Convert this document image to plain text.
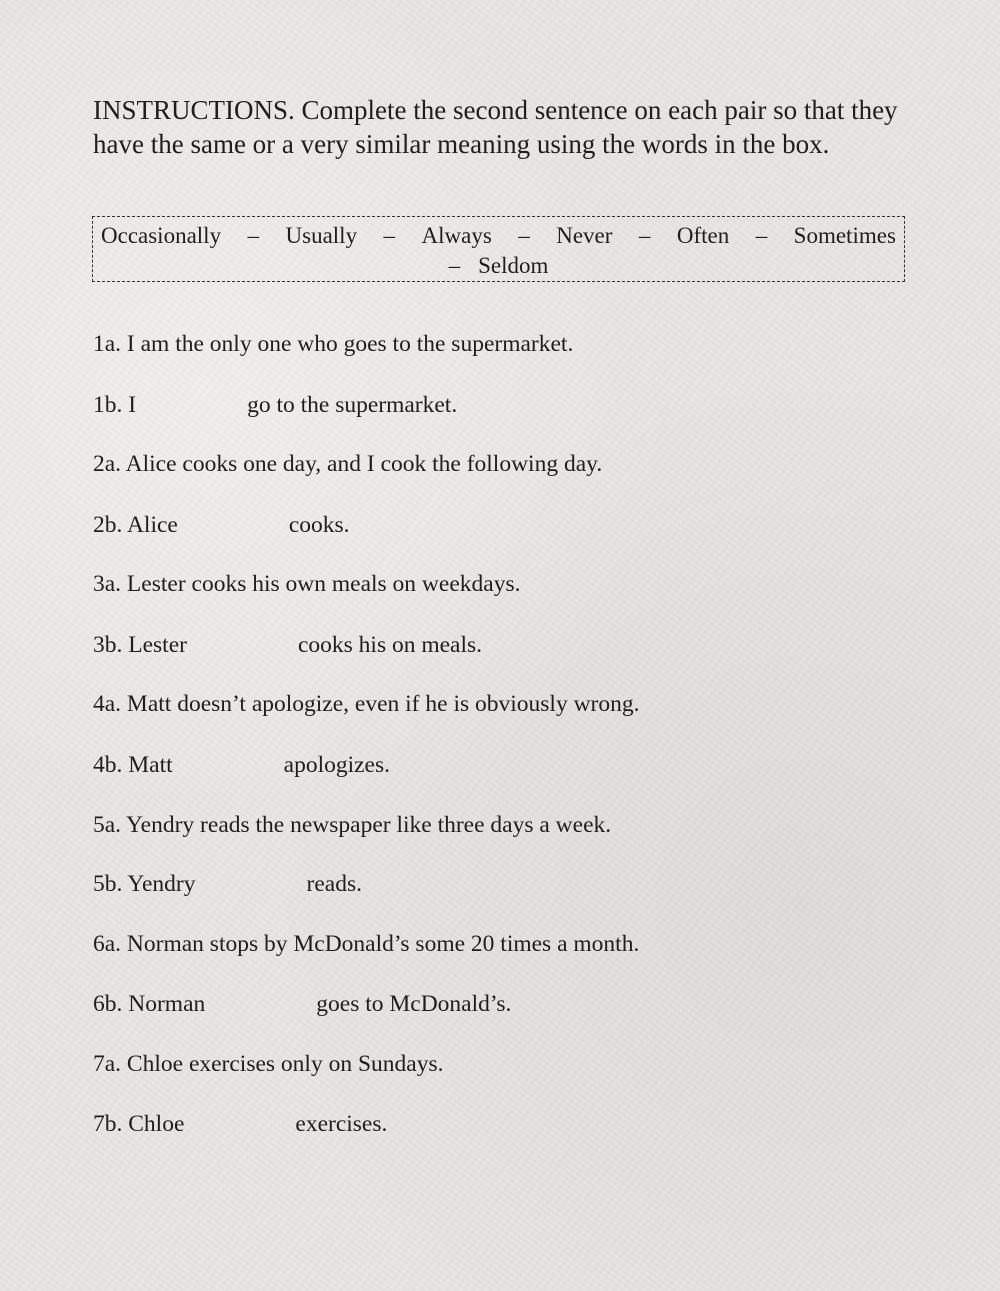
INSTRUCTIONS. Complete the second sentence on each pair so that they have the same or a very similar meaning using the words in the box.

Occasionally – Usually – Always – Never – Often – Sometimes
– Seldom

1a. I am the only one who goes to the supermarket.

1b. I	go to the supermarket.

2a. Alice cooks one day, and I cook the following day.

2b. Alice	cooks.

3a. Lester cooks his own meals on weekdays.

3b. Lester	cooks his on meals.

4a. Matt doesn’t apologize, even if he is obviously wrong.

4b. Matt	apologizes.

5a. Yendry reads the newspaper like three days a week.

5b. Yendry	reads.

6a. Norman stops by McDonald’s some 20 times a month.

6b. Norman	goes to McDonald’s.

7a. Chloe exercises only on Sundays.

7b. Chloe	exercises.
